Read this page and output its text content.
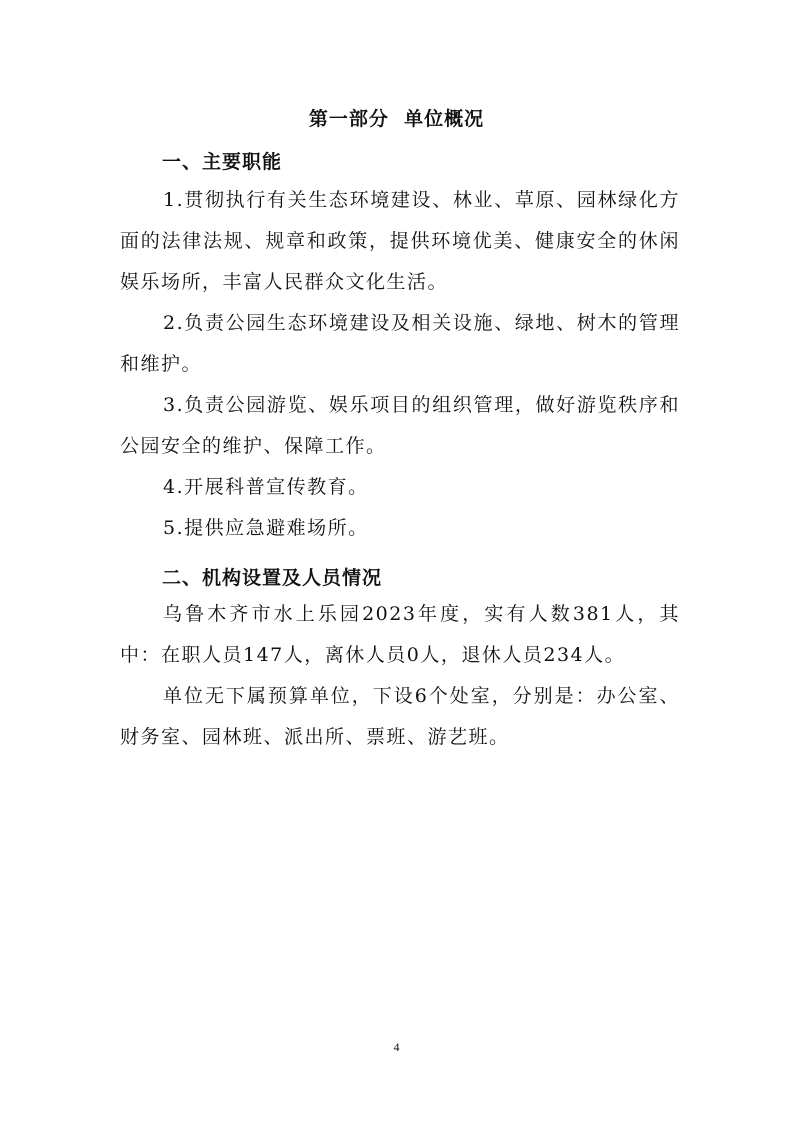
第一部分  单位概况
一、主要职能

1.贯彻执行有关生态环境建设、林业、草原、园林绿化方面的法律法规、规章和政策，提供环境优美、健康安全的休闲娱乐场所，丰富人民群众文化生活。

2.负责公园生态环境建设及相关设施、绿地、树木的管理和维护。

3.负责公园游览、娱乐项目的组织管理，做好游览秩序和公园安全的维护、保障工作。

4.开展科普宣传教育。

5.提供应急避难场所。

二、机构设置及人员情况

乌鲁木齐市水上乐园2023年度，实有人数381人，其中：在职人员147人，离休人员0人，退休人员234人。

单位无下属预算单位，下设6个处室，分别是：办公室、财务室、园林班、派出所、票班、游艺班。

4
